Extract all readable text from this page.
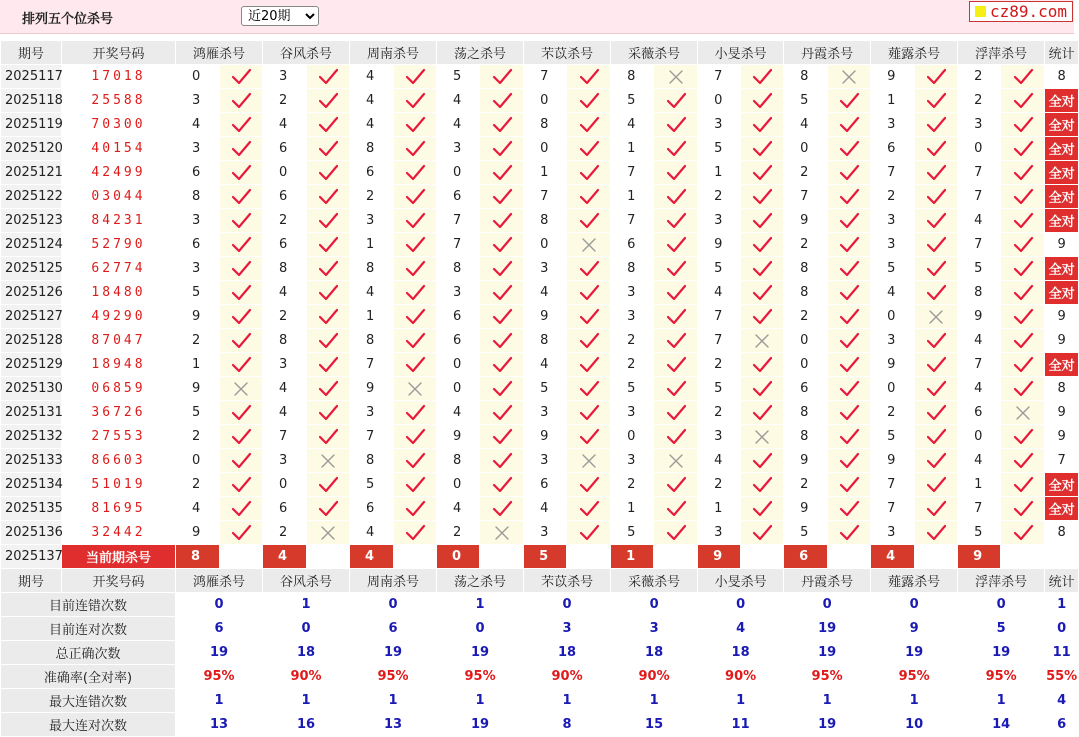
排列五个位杀号
近20期	cz89.com
期号	开奖号码	鸿雁杀号		谷风杀号		周南杀号		荡之杀号		芣苡杀号		采薇杀号		小旻杀号		丹霞杀号		薤露杀号		浮萍杀号		统计
2025117	17018	0		3		4		5		7		8		7		8		9		2		8
2025118	25588	3		2		4		4		0		5		0		5		1		2		全对
2025119	70300	4		4		4		4		8		4		3		4		3		3		全对
2025120	40154	3		6		8		3		0		1		5		0		6		0		全对
2025121	42499	6		0		6		0		1		7		1		2		7		7		全对
2025122	03044	8		6		2		6		7		1		2		7		2		7		全对
2025123	84231	3		2		3		7		8		7		3		9		3		4		全对
2025124	52790	6		6		1		7		0		6		9		2		3		7		9
2025125	62774	3		8		8		8		3		8		5		8		5		5		全对
2025126	18480	5		4		4		3		4		3		4		8		4		8		全对
2025127	49290	9		2		1		6		9		3		7		2		0		9		9
2025128	87047	2		8		8		6		8		2		7		0		3		4		9
2025129	18948	1		3		7		0		4		2		2		0		9		7		全对
2025130	06859	9		4		9		0		5		5		5		6		0		4		8
2025131	36726	5		4		3		4		3		3		2		8		2		6		9
2025132	27553	2		7		7		9		9		0		3		8		5		0		9
2025133	86603	0		3		8		8		3		3		4		9		9		4		7
2025134	51019	2		0		5		0		6		2		2		2		7		1		全对
2025135	81695	4		6		6		4		4		1		1		9		7		7		全对
2025136	32442	9		2		4		2		3		5		3		5		3		5		8
2025137	当前期杀号	8		4		4		0		5		1		9		6		4		9		
期号	开奖号码	鸿雁杀号		谷风杀号		周南杀号		荡之杀号		芣苡杀号		采薇杀号		小旻杀号		丹霞杀号		薤露杀号		浮萍杀号		统计
目前连错次数		0		1		0		1		0		0		0		0		0		0		1
目前连对次数		6		0		6		0		3		3		4		19		9		5		0
总正确次数		19		18		19		19		18		18		18		19		19		19		11
准确率(全对率)		95%		90%		95%		95%		90%		90%		90%		95%		95%		95%		55%
最大连错次数		1		1		1		1		1		1		1		1		1		1		4
最大连对次数		13		16		13		19		8		15		11		19		10		14		6
